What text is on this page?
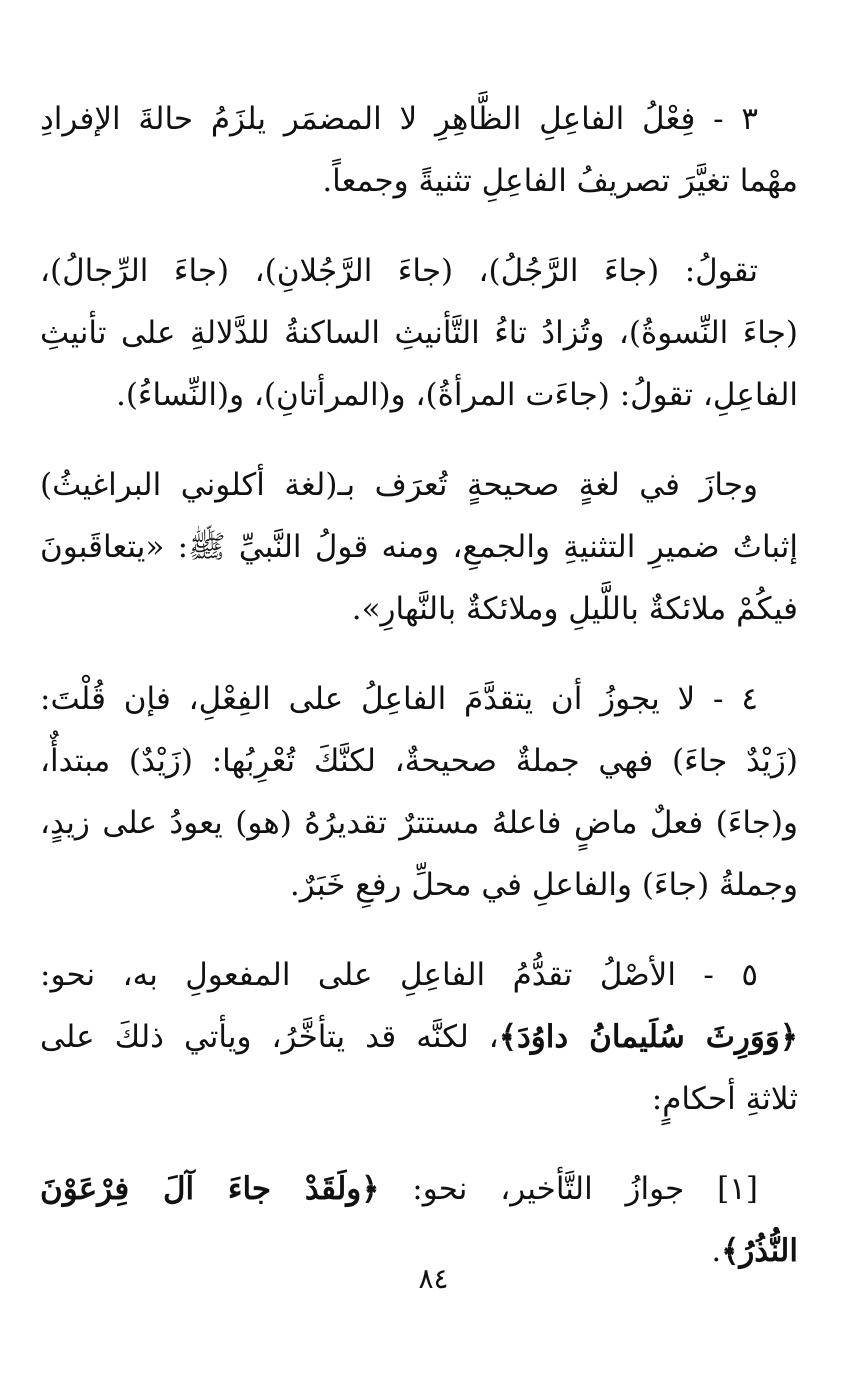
٣ - فِعْلُ الفاعِلِ الظَّاهِرِ لا المضمَر يلزَمُ حالةَ الإفرادِ
مهْما تغيَّرَ تصريفُ الفاعِلِ تثنيةً وجمعاً.

تقولُ: (جاءَ الرَّجُلُ)، (جاءَ الرَّجُلانِ)، (جاءَ الرِّجالُ)،
(جاءَ النِّسوةُ)، وتُزادُ تاءُ التَّأنيثِ الساكنةُ للدَّلالةِ على تأنيثِ
الفاعِلِ، تقولُ: (جاءَت المرأةُ)، و(المرأتانِ)، و(النِّساءُ).

وجازَ في لغةٍ صحيحةٍ تُعرَف بـ(لغة أكلوني البراغيثُ)
إثباتُ ضميرِ التثنيةِ والجمعِ، ومنه قولُ النَّبيِّ ﷺ: «يتعاقَبونَ
فيكُمْ ملائكةٌ باللَّيلِ وملائكةٌ بالنَّهارِ».

٤ - لا يجوزُ أن يتقدَّمَ الفاعِلُ على الفِعْلِ، فإن قُلْتَ:
(زَيْدٌ جاءَ) فهي جملةٌ صحيحةٌ، لكنَّكَ تُعْرِبُها: (زَيْدٌ) مبتدأٌ،
و(جاءَ) فعلٌ ماضٍ فاعلهُ مستترٌ تقديرُهُ (هو) يعودُ على زيدٍ،
وجملةُ (جاءَ) والفاعلِ في محلِّ رفعِ خَبَرٌ.

٥ - الأصْلُ تقدُّمُ الفاعِلِ على المفعولِ به، نحو:
﴿وَوَرِثَ سُلَيمانُ داوُدَ﴾، لكنَّه قد يتأخَّرُ، ويأتي ذلكَ على
ثلاثةِ أحكامٍ:

[١] جوازُ التَّأخير، نحو: ﴿ولَقَدْ جاءَ آلَ فِرْعَوْنَ
النُّذُرُ﴾.

٨٤
